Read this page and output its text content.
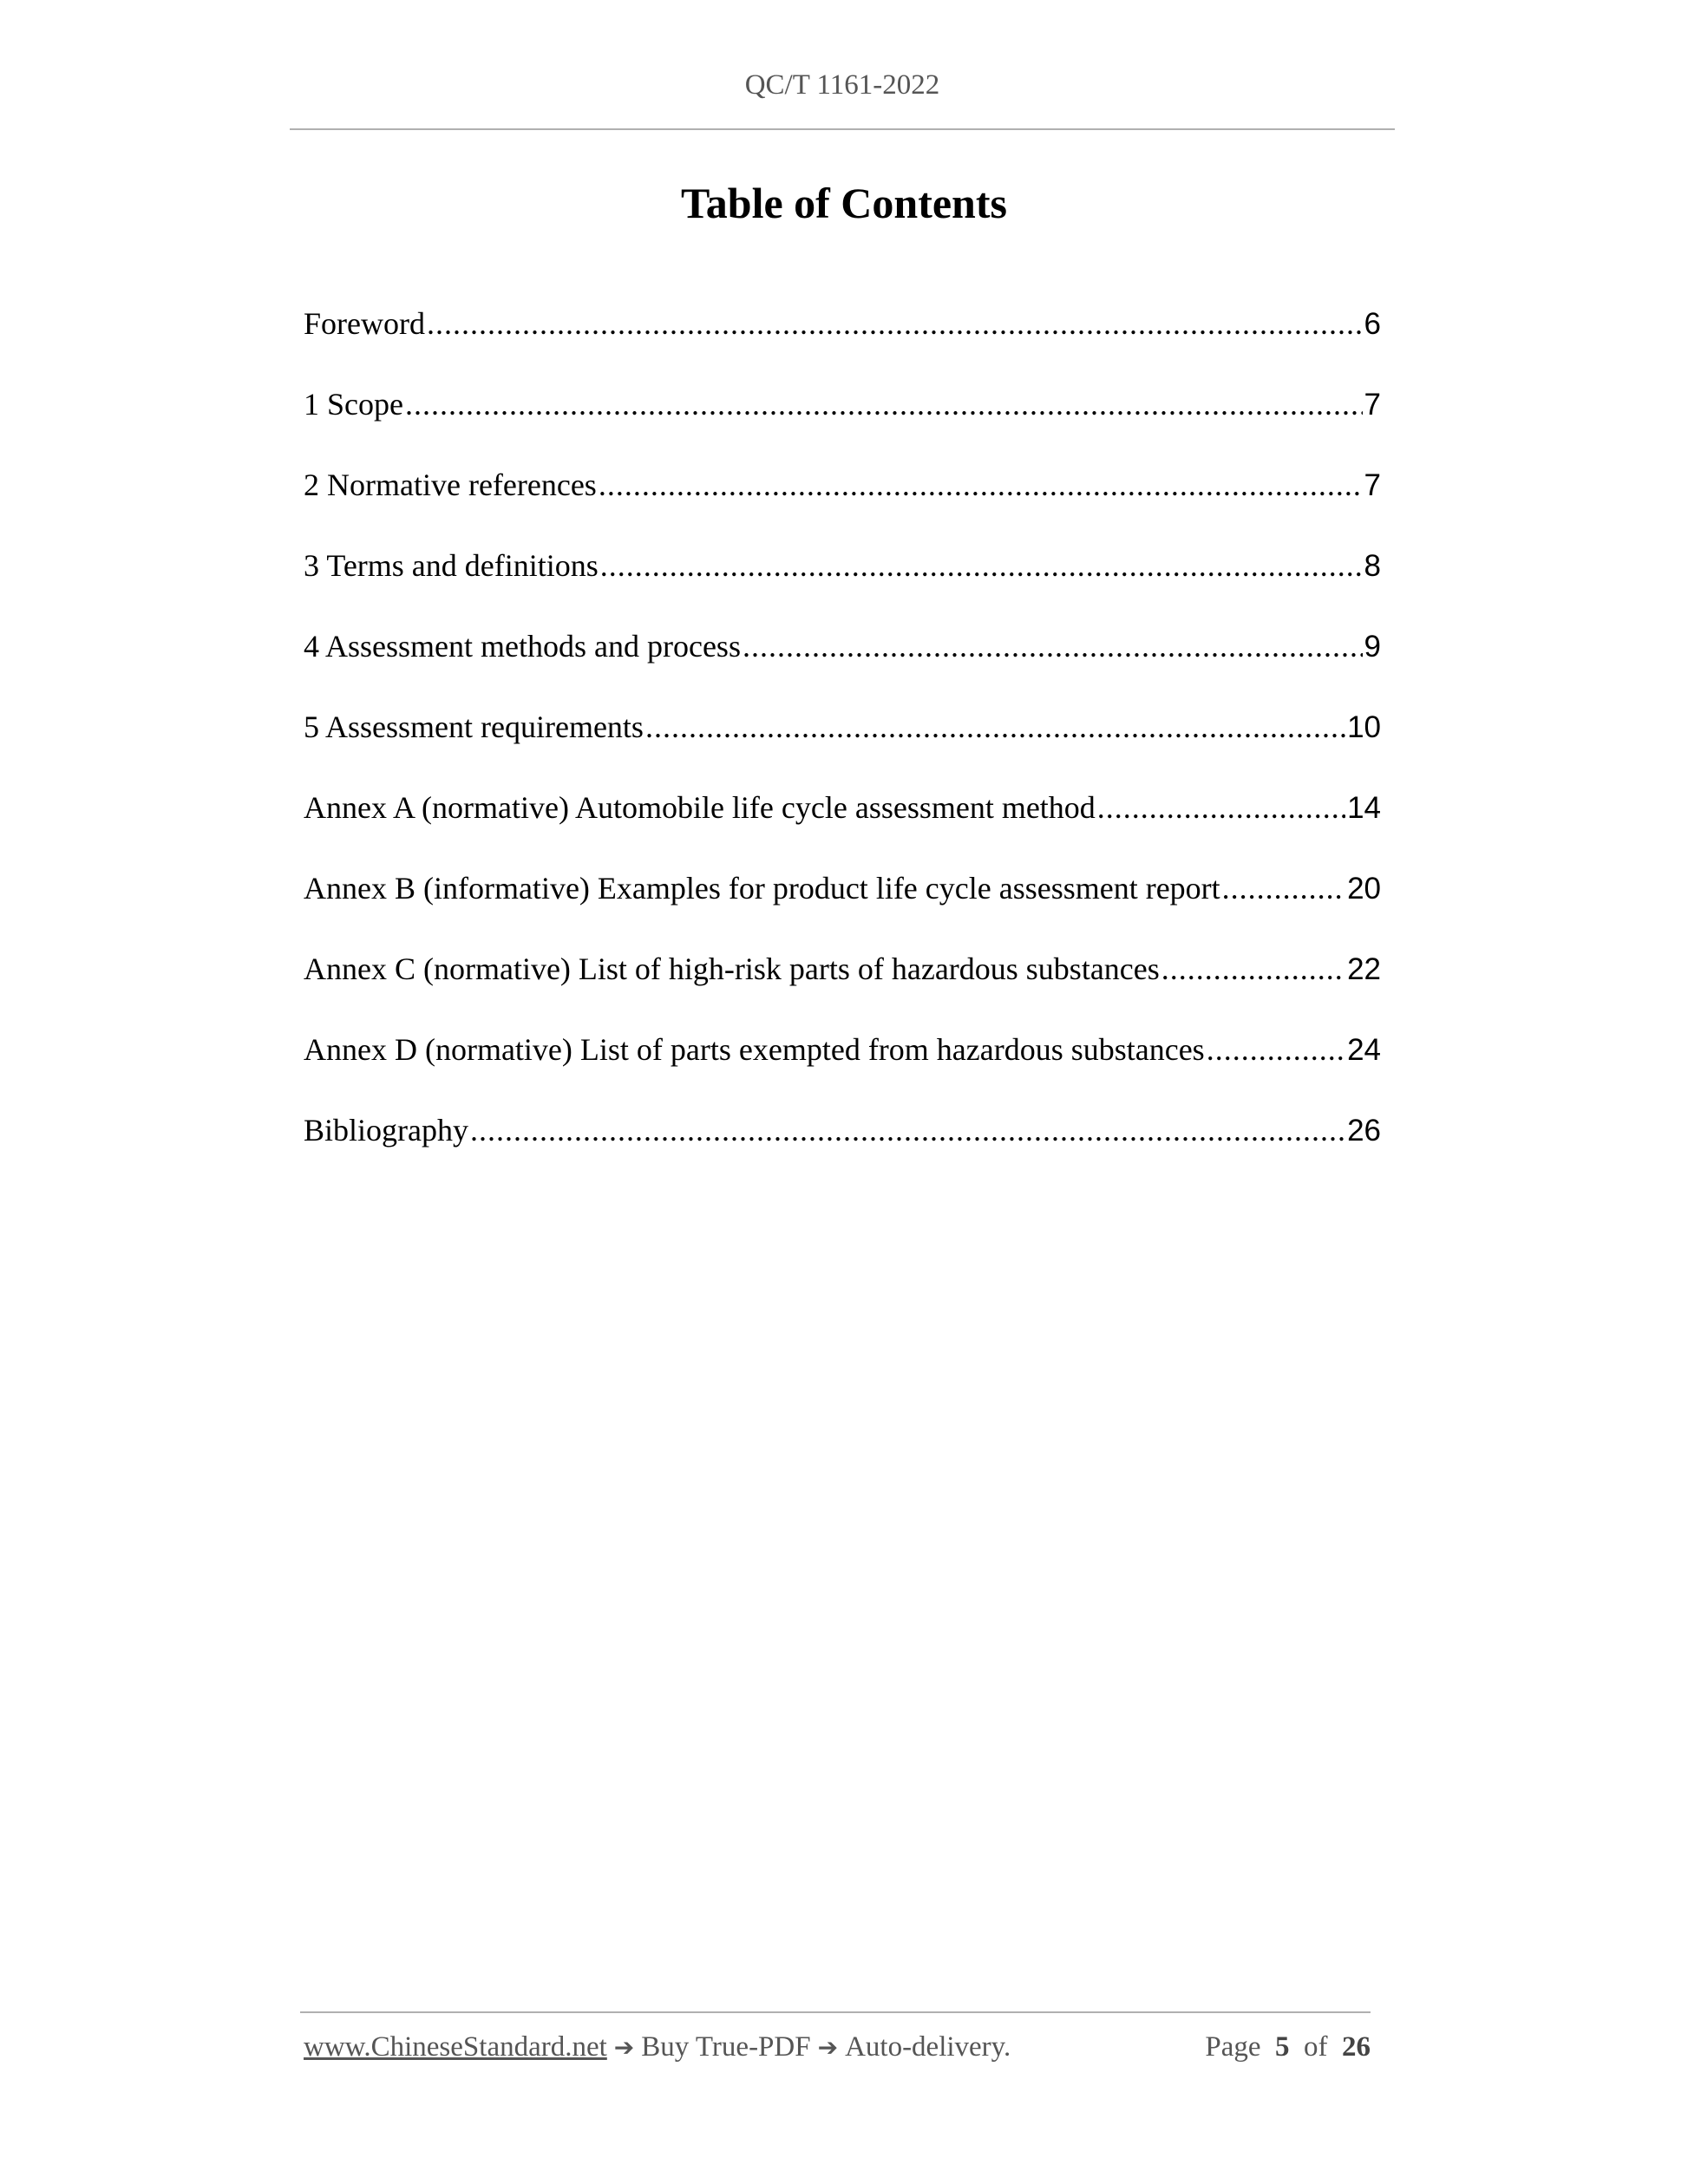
QC/T 1161-2022
Table of Contents
Foreword .....	6
1 Scope .....	7
2 Normative references .....	7
3 Terms and definitions .....	8
4 Assessment methods and process .....	9
5 Assessment requirements .....	10
Annex A (normative) Automobile life cycle assessment method .....	14
Annex B (informative) Examples for product life cycle assessment report .....	20
Annex C (normative) List of high-risk parts of hazardous substances .....	22
Annex D (normative) List of parts exempted from hazardous substances .....	24
Bibliography .....	26
www.ChineseStandard.net ➔ Buy True-PDF ➔ Auto-delivery.	Page 5 of 26
